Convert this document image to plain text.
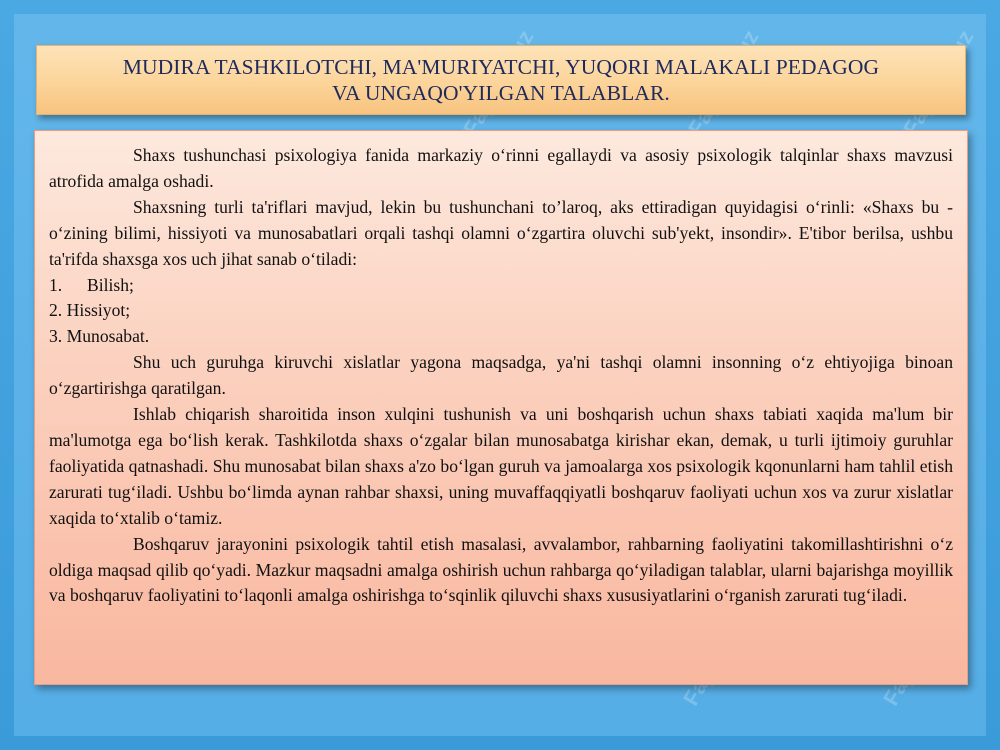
MUDIRA TASHKILOTCHI, MA'MURIYATCHI, YUQORI MALAKALI PEDAGOG
VA UNGAQO'YILGAN TALABLAR.

Shaxs tushunchasi psixologiya fanida markaziy o‘rinni egallaydi va asosiy psixologik talqinlar shaxs mavzusi atrofida amalga oshadi.

Shaxsning turli ta'riflari mavjud, lekin bu tushunchani to’laroq, aks ettiradigan quyidagisi o‘rinli: «Shaxs bu - o‘zining bilimi, hissiyoti va munosabatlari orqali tashqi olamni o‘zgartira oluvchi sub'yekt, insondir». E'tibor berilsa, ushbu ta'rifda shaxsga xos uch jihat sanab o‘tiladi:

1. Bilish;

2. Hissiyot;

3. Munosabat.

Shu uch guruhga kiruvchi xislatlar yagona maqsadga, ya'ni tashqi olamni insonning o‘z ehtiyojiga binoan o‘zgartirishga qaratilgan.

Ishlab chiqarish sharoitida inson xulqini tushunish va uni boshqarish uchun shaxs tabiati xaqida ma'lum bir ma'lumotga ega bo‘lish kerak. Tashkilotda shaxs o‘zgalar bilan munosabatga kirishar ekan, demak, u turli ijtimoiy guruhlar faoliyatida qatnashadi. Shu munosabat bilan shaxs a'zo bo‘lgan guruh va jamoalarga xos psixologik kqonunlarni ham tahlil etish zarurati tug‘iladi. Ushbu bo‘limda aynan rahbar shaxsi, uning muvaffaqqiyatli boshqaruv faoliyati uchun xos va zurur xislatlar xaqida to‘xtalib o‘tamiz.

Boshqaruv jarayonini psixologik tahtil etish masalasi, avvalambor, rahbarning faoliyatini takomillashtirishni o‘z oldiga maqsad qilib qo‘yadi. Mazkur maqsadni amalga oshirish uchun rahbarga qo‘yiladigan talablar, ularni bajarishga moyillik va boshqaruv faoliyatini to‘laqonli amalga oshirishga to‘sqinlik qiluvchi shaxs xususiyatlarini o‘rganish zarurati tug‘iladi.
